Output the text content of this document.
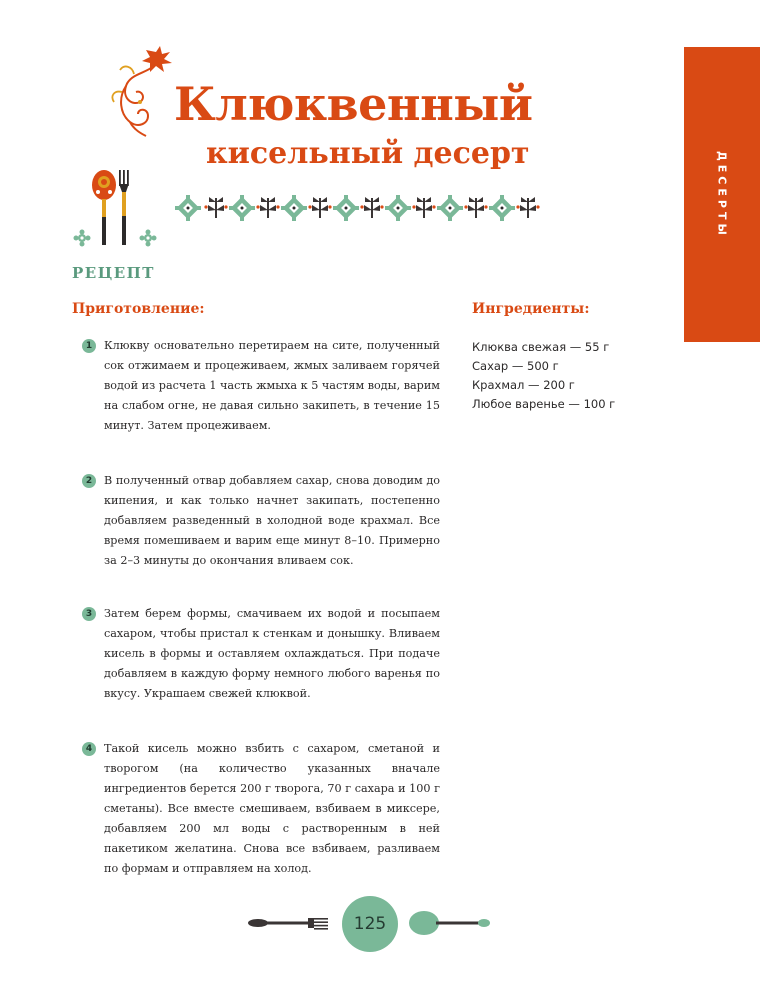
ДЕСЕРТЫ
Клюквенный
кисельный десерт
РЕЦЕПТ
Приготовление:	Ингредиенты:
Клюква свежая — 55 г
Сахар — 500 г
Крахмал — 200 г
Любое варенье — 100 г
1	Клюкву основательно перетираем на сите, полученный сок отжимаем и процеживаем, жмых заливаем горячей водой из расчета 1 часть жмыха к 5 частям воды, варим на слабом огне, не давая сильно закипеть, в течение 15 минут. Затем процеживаем.
2	В полученный отвар добавляем сахар, снова доводим до кипения, и как только начнет закипать, постепенно добавляем разведенный в холодной воде крахмал. Все время помешиваем и варим еще минут 8–10. Примерно за 2–3 минуты до окончания вливаем сок.
3	Затем берем формы, смачиваем их водой и посыпаем сахаром, чтобы пристал к стенкам и донышку. Вливаем кисель в формы и оставляем охлаждаться. При подаче добавляем в каждую форму немного любого варенья по вкусу. Украшаем свежей клюквой.
4	Такой кисель можно взбить с сахаром, сметаной и творогом (на количество указанных вначале ингредиентов берется 200 г творога, 70 г сахара и 100 г сметаны). Все вместе смешиваем, взбиваем в миксере, добавляем 200 мл воды с растворенным в ней пакетиком желатина. Снова все взбиваем, разливаем по формам и отправляем на холод.
125
